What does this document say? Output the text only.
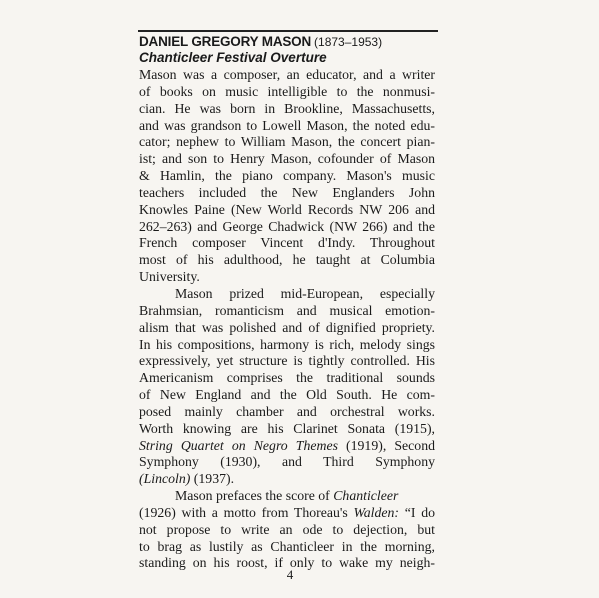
DANIEL GREGORY MASON (1873–1953)
Chanticleer Festival Overture
Mason was a composer, an educator, and a writer
of books on music intelligible to the nonmusi-
cian. He was born in Brookline, Massachusetts,
and was grandson to Lowell Mason, the noted edu-
cator; nephew to William Mason, the concert pian-
ist; and son to Henry Mason, cofounder of Mason
& Hamlin, the piano company. Mason's music
teachers included the New Englanders John
Knowles Paine (New World Records NW 206 and
262–263) and George Chadwick (NW 266) and the
French composer Vincent d'Indy. Throughout
most of his adulthood, he taught at Columbia
University.
Mason prized mid-European, especially
Brahmsian, romanticism and musical emotion-
alism that was polished and of dignified propriety.
In his compositions, harmony is rich, melody sings
expressively, yet structure is tightly controlled. His
Americanism comprises the traditional sounds
of New England and the Old South. He com-
posed mainly chamber and orchestral works.
Worth knowing are his Clarinet Sonata (1915),
String Quartet on Negro Themes (1919), Second
Symphony (1930), and Third Symphony
(Lincoln) (1937).
Mason prefaces the score of Chanticleer
(1926) with a motto from Thoreau's Walden: “I do
not propose to write an ode to dejection, but
to brag as lustily as Chanticleer in the morning,
standing on his roost, if only to wake my neigh-
4
